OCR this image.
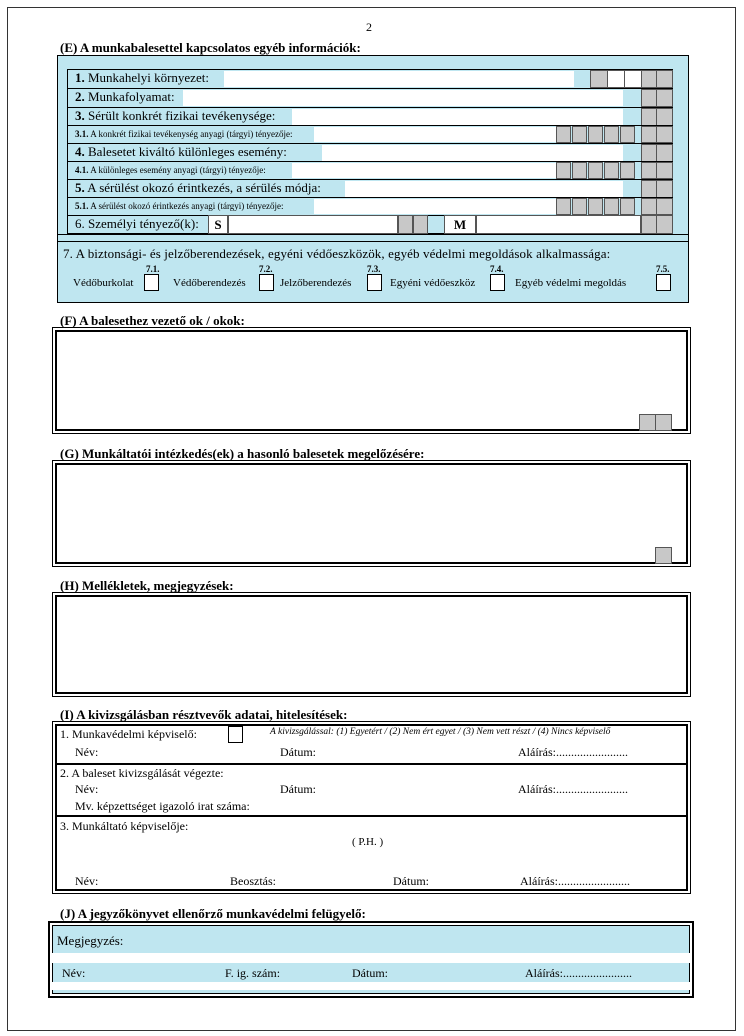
2
(E) A munkabalesettel kapcsolatos egyéb információk:
1. Munkahelyi környezet:
2. Munkafolyamat:
3. Sérült konkrét fizikai tevékenysége:
3.1. A konkrét fizikai tevékenység anyagi (tárgyi) tényezője:
4. Balesetet kiváltó különleges esemény:
4.1. A különleges esemény anyagi (tárgyi) tényezője:
5. A sérülést okozó érintkezés, a sérülés módja:
5.1. A sérülést okozó érintkezés anyagi (tárgyi) tényezője:
6. Személyi tényező(k):	S	M
7. A biztonsági- és jelzőberendezések, egyéni védőeszközök, egyéb védelmi megoldások alkalmassága:
7.1.
Védőburkolat
7.2.
Védőberendezés
7.3.
Jelzőberendezés
7.4.
Egyéni védőeszköz
7.5.
Egyéb védelmi megoldás
(F) A balesethez vezető ok / okok:
(G) Munkáltatói intézkedés(ek) a hasonló balesetek megelőzésére:
(H) Mellékletek, megjegyzések:
(I) A kivizsgálásban résztvevők adatai, hitelesítések:
1. Munkavédelmi képviselő:	A kivizsgálással: (1) Egyetért / (2) Nem ért egyet / (3) Nem vett részt / (4) Nincs képviselő
Név:	Dátum:	Aláírás:........................
2. A baleset kivizsgálását végezte:
Név:	Dátum:	Aláírás:........................
Mv. képzettséget igazoló irat száma:
3. Munkáltató képviselője:
( P.H. )
Név:	Beosztás:	Dátum:	Aláírás:........................
(J) A jegyzőkönyvet ellenőrző munkavédelmi felügyelő:
Megjegyzés:
Név:	F. ig. szám:	Dátum:	Aláírás:.......................
